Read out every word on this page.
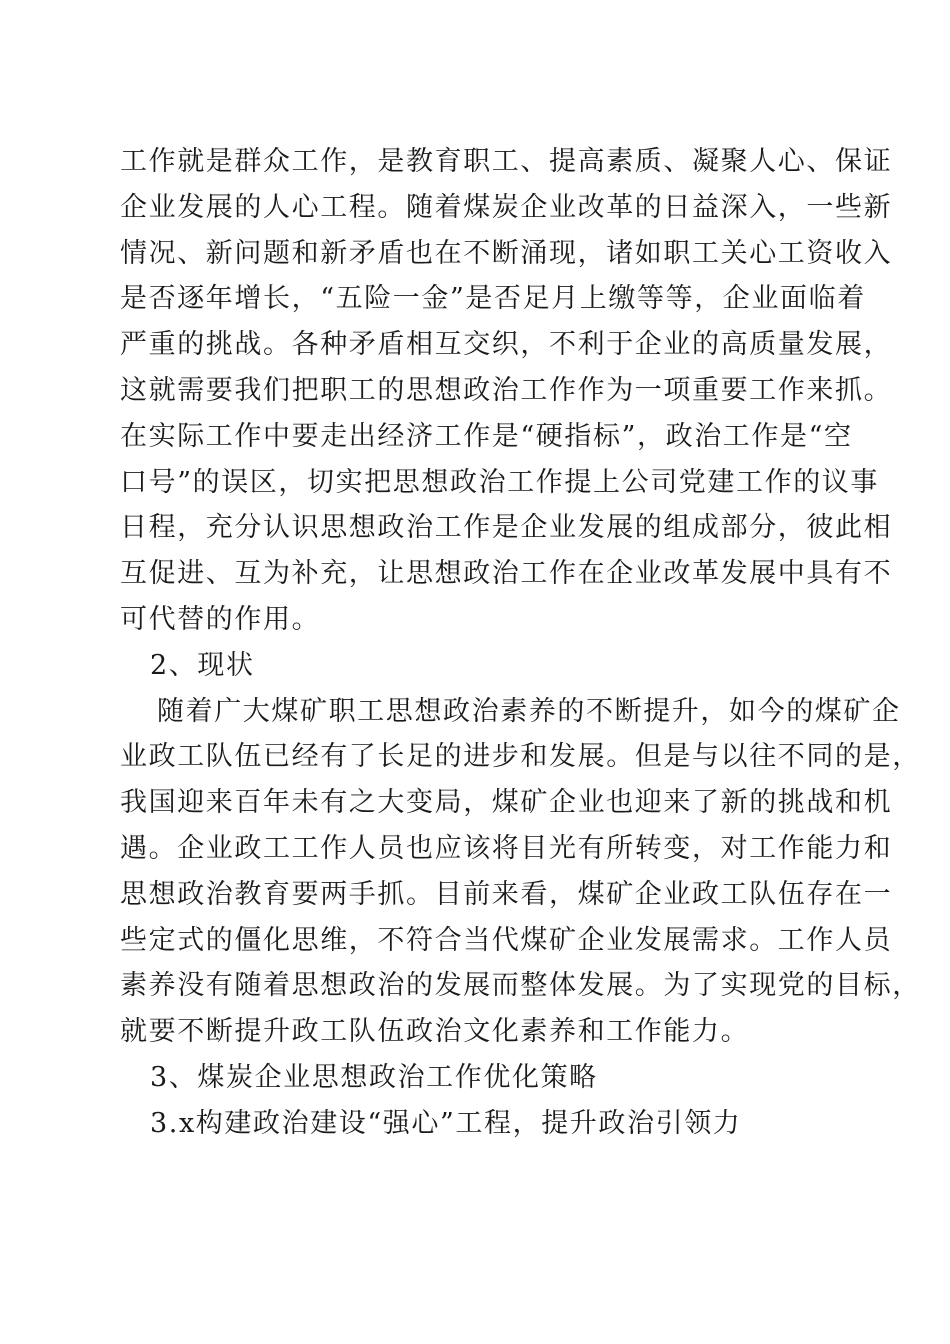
工作就是群众工作，是教育职工、提高素质、凝聚人心、保证
企业发展的人心工程。随着煤炭企业改革的日益深入，一些新
情况、新问题和新矛盾也在不断涌现，诸如职工关心工资收入
是否逐年增长，“五险一金”是否足月上缴等等，企业面临着
严重的挑战。各种矛盾相互交织，不利于企业的高质量发展，
这就需要我们把职工的思想政治工作作为一项重要工作来抓。
在实际工作中要走出经济工作是“硬指标”，政治工作是“空
口号”的误区，切实把思想政治工作提上公司党建工作的议事
日程，充分认识思想政治工作是企业发展的组成部分，彼此相
互促进、互为补充，让思想政治工作在企业改革发展中具有不
可代替的作用。
2、现状
随着广大煤矿职工思想政治素养的不断提升，如今的煤矿企
业政工队伍已经有了长足的进步和发展。但是与以往不同的是，
我国迎来百年未有之大变局，煤矿企业也迎来了新的挑战和机
遇。企业政工工作人员也应该将目光有所转变，对工作能力和
思想政治教育要两手抓。目前来看，煤矿企业政工队伍存在一
些定式的僵化思维，不符合当代煤矿企业发展需求。工作人员
素养没有随着思想政治的发展而整体发展。为了实现党的目标，
就要不断提升政工队伍政治文化素养和工作能力。
3、煤炭企业思想政治工作优化策略
3.x构建政治建设“强心”工程，提升政治引领力
